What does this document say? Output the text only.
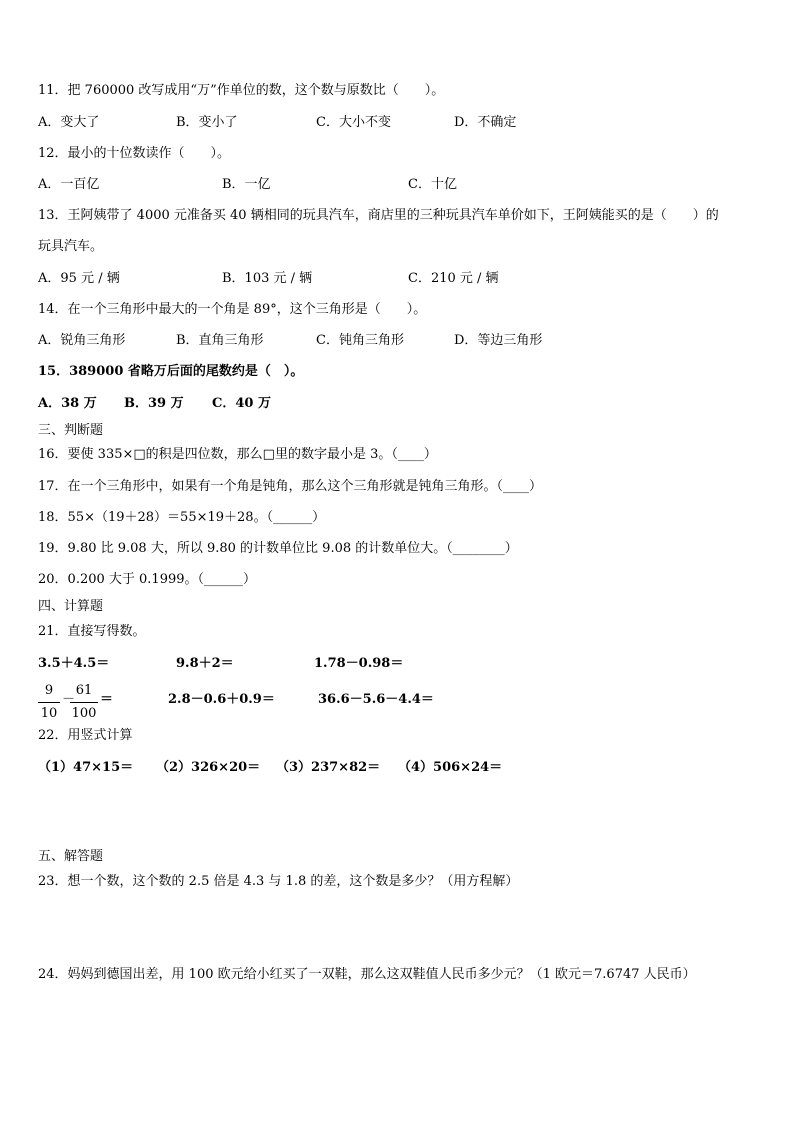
11．把 760000 改写成用“万”作单位的数，这个数与原数比（　　）。
A．变大了	B．变小了	C．大小不变	D．不确定
12．最小的十位数读作（　　）。
A．一百亿	B．一亿	C．十亿
13．王阿姨带了 4000 元准备买 40 辆相同的玩具汽车，商店里的三种玩具汽车单价如下，王阿姨能买的是（　　）的
玩具汽车。
A．95 元 / 辆	B．103 元 / 辆	C．210 元 / 辆
14．在一个三角形中最大的一个角是 89°，这个三角形是（　　）。
A．锐角三角形	B．直角三角形	C．钝角三角形	D．等边三角形
15．389000 省略万后面的尾数约是（　）。
A．38 万 B．39 万 C．40 万
三、判断题
16．要使 335×□的积是四位数，那么□里的数字最小是 3。（____）
17．在一个三角形中，如果有一个角是钝角，那么这个三角形就是钝角三角形。（____）
18．55×（19＋28）＝55×19＋28。（______）
19．9.80 比 9.08 大，所以 9.80 的计数单位比 9.08 的计数单位大。（________）
20．0.200 大于 0.1999。（______）
四、计算题
21．直接写得数。
3.5＋4.5＝	9.8＋2＝	1.78－0.98＝
$\frac{9}{10}$ －
$\frac{61}{100}$ ＝	2.8－0.6＋0.9＝	36.6－5.6－4.4＝
22．用竖式计算
（1）47×15＝ （2）326×20＝ （3）237×82＝ （4）506×24＝
五、解答题
23．想一个数，这个数的 2.5 倍是 4.3 与 1.8 的差，这个数是多少？（用方程解）
24．妈妈到德国出差，用 100 欧元给小红买了一双鞋，那么这双鞋值人民币多少元？（1 欧元＝7.6747 人民币）
